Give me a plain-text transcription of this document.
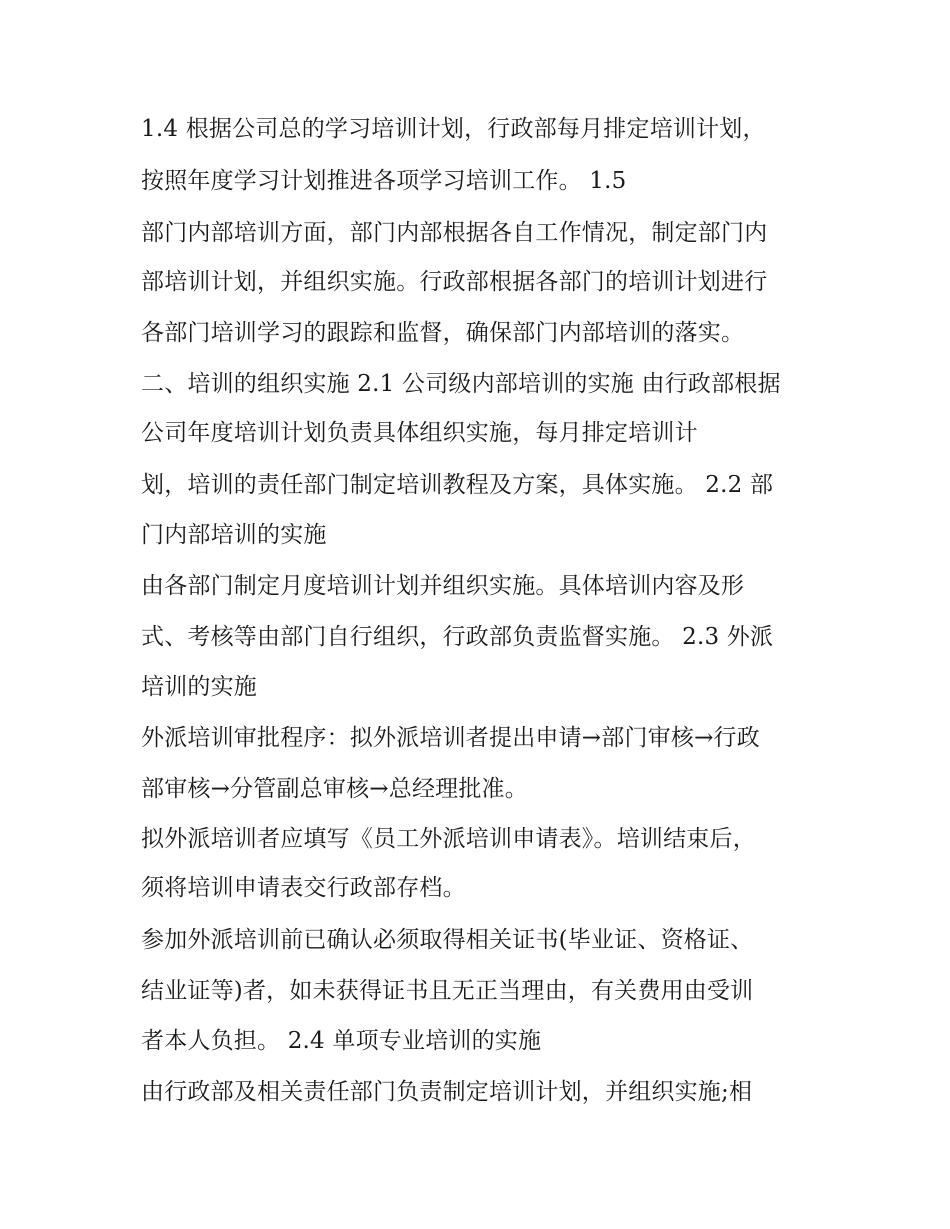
1.4 根据公司总的学习培训计划，行政部每月排定培训计划，
按照年度学习计划推进各项学习培训工作。 1.5
部门内部培训方面，部门内部根据各自工作情况，制定部门内
部培训计划，并组织实施。行政部根据各部门的培训计划进行
各部门培训学习的跟踪和监督，确保部门内部培训的落实。
二、培训的组织实施 2.1 公司级内部培训的实施 由行政部根据
公司年度培训计划负责具体组织实施，每月排定培训计
划，培训的责任部门制定培训教程及方案，具体实施。 2.2 部
门内部培训的实施
由各部门制定月度培训计划并组织实施。具体培训内容及形
式、考核等由部门自行组织，行政部负责监督实施。 2.3 外派
培训的实施
外派培训审批程序：拟外派培训者提出申请→部门审核→行政
部审核→分管副总审核→总经理批准。
拟外派培训者应填写《员工外派培训申请表》。培训结束后，
须将培训申请表交行政部存档。
参加外派培训前已确认必须取得相关证书(毕业证、资格证、
结业证等)者，如未获得证书且无正当理由，有关费用由受训
者本人负担。 2.4 单项专业培训的实施
由行政部及相关责任部门负责制定培训计划，并组织实施;相
